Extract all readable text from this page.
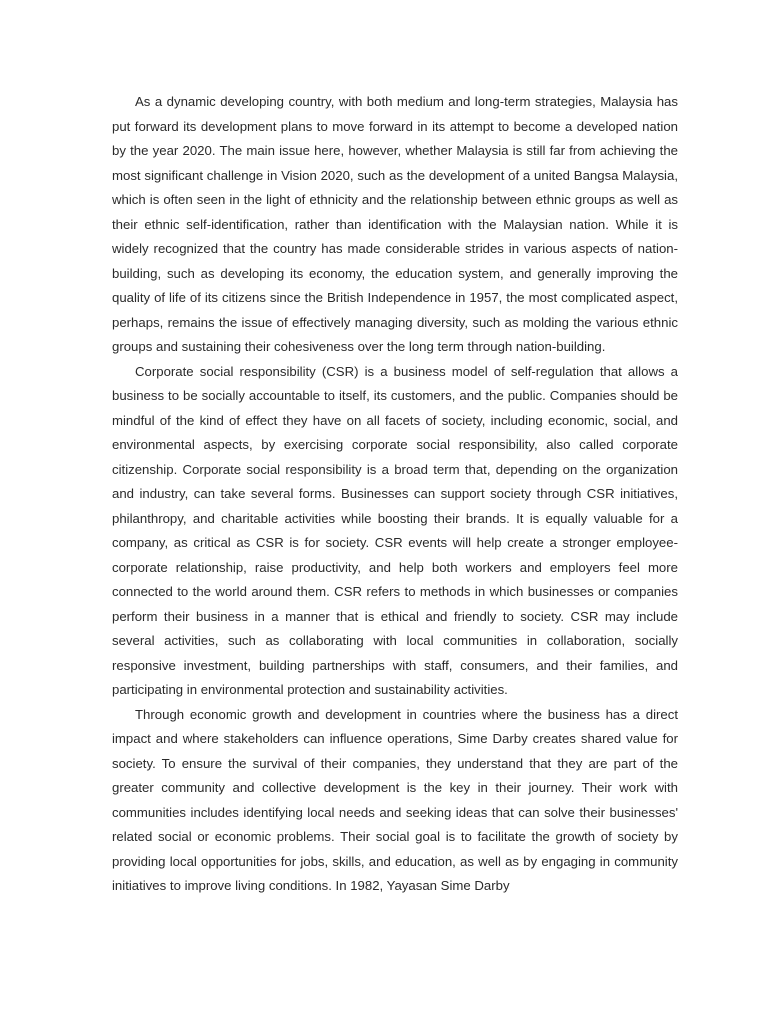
As a dynamic developing country, with both medium and long-term strategies, Malaysia has put forward its development plans to move forward in its attempt to become a developed nation by the year 2020. The main issue here, however, whether Malaysia is still far from achieving the most significant challenge in Vision 2020, such as the development of a united Bangsa Malaysia, which is often seen in the light of ethnicity and the relationship between ethnic groups as well as their ethnic self-identification, rather than identification with the Malaysian nation. While it is widely recognized that the country has made considerable strides in various aspects of nation-building, such as developing its economy, the education system, and generally improving the quality of life of its citizens since the British Independence in 1957, the most complicated aspect, perhaps, remains the issue of effectively managing diversity, such as molding the various ethnic groups and sustaining their cohesiveness over the long term through nation-building.

Corporate social responsibility (CSR) is a business model of self-regulation that allows a business to be socially accountable to itself, its customers, and the public. Companies should be mindful of the kind of effect they have on all facets of society, including economic, social, and environmental aspects, by exercising corporate social responsibility, also called corporate citizenship. Corporate social responsibility is a broad term that, depending on the organization and industry, can take several forms. Businesses can support society through CSR initiatives, philanthropy, and charitable activities while boosting their brands. It is equally valuable for a company, as critical as CSR is for society. CSR events will help create a stronger employee-corporate relationship, raise productivity, and help both workers and employers feel more connected to the world around them. CSR refers to methods in which businesses or companies perform their business in a manner that is ethical and friendly to society. CSR may include several activities, such as collaborating with local communities in collaboration, socially responsive investment, building partnerships with staff, consumers, and their families, and participating in environmental protection and sustainability activities.

Through economic growth and development in countries where the business has a direct impact and where stakeholders can influence operations, Sime Darby creates shared value for society. To ensure the survival of their companies, they understand that they are part of the greater community and collective development is the key in their journey. Their work with communities includes identifying local needs and seeking ideas that can solve their businesses' related social or economic problems. Their social goal is to facilitate the growth of society by providing local opportunities for jobs, skills, and education, as well as by engaging in community initiatives to improve living conditions. In 1982, Yayasan Sime Darby
